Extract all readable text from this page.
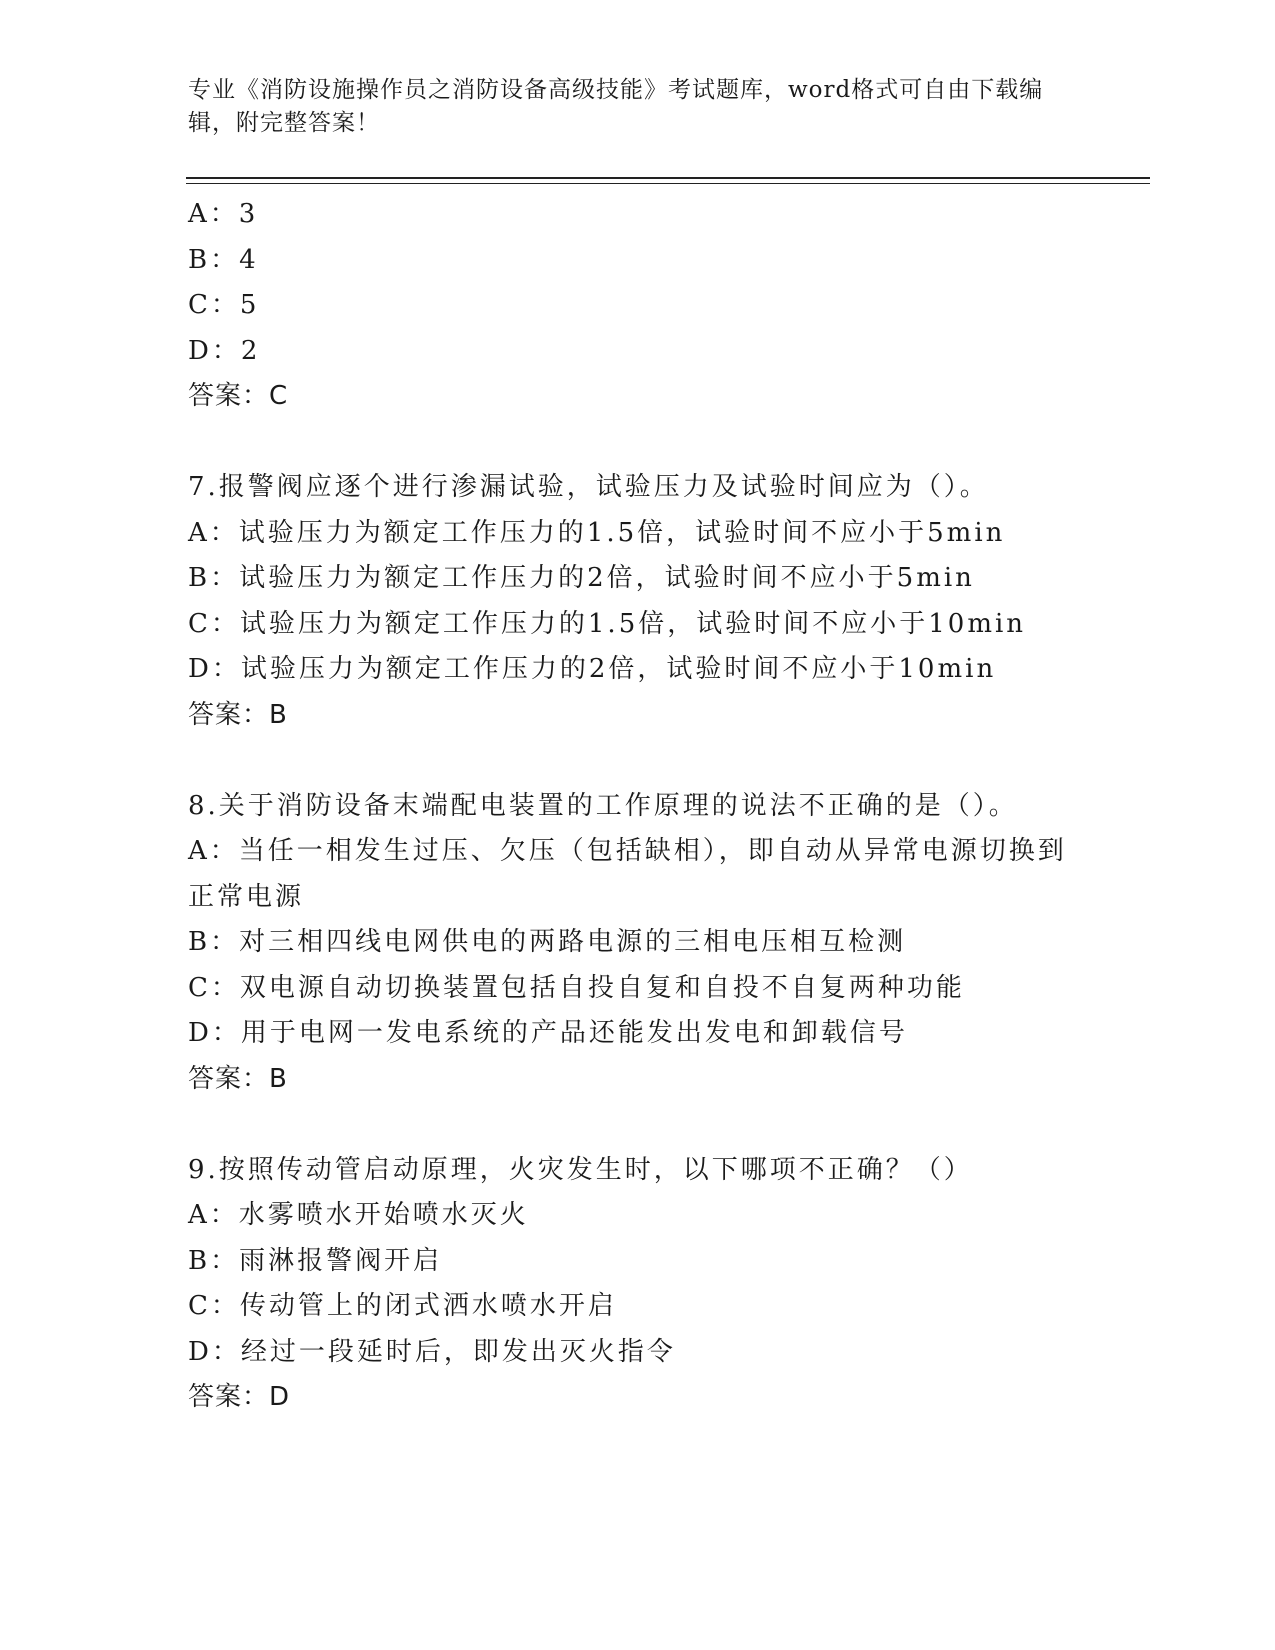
专业《消防设施操作员之消防设备高级技能》考试题库，word格式可自由下载编辑，附完整答案！
A：3
B：4
C：5
D：2
答案：C
7.报警阀应逐个进行渗漏试验，试验压力及试验时间应为（）。
A：试验压力为额定工作压力的1.5倍，试验时间不应小于5min
B：试验压力为额定工作压力的2倍，试验时间不应小于5min
C：试验压力为额定工作压力的1.5倍，试验时间不应小于10min
D：试验压力为额定工作压力的2倍，试验时间不应小于10min
答案：B
8.关于消防设备末端配电装置的工作原理的说法不正确的是（）。
A：当任一相发生过压、欠压（包括缺相），即自动从异常电源切换到正常电源
B：对三相四线电网供电的两路电源的三相电压相互检测
C：双电源自动切换装置包括自投自复和自投不自复两种功能
D：用于电网一发电系统的产品还能发出发电和卸载信号
答案：B
9.按照传动管启动原理，火灾发生时，以下哪项不正确？（）
A：水雾喷水开始喷水灭火
B：雨淋报警阀开启
C：传动管上的闭式洒水喷水开启
D：经过一段延时后，即发出灭火指令
答案：D
